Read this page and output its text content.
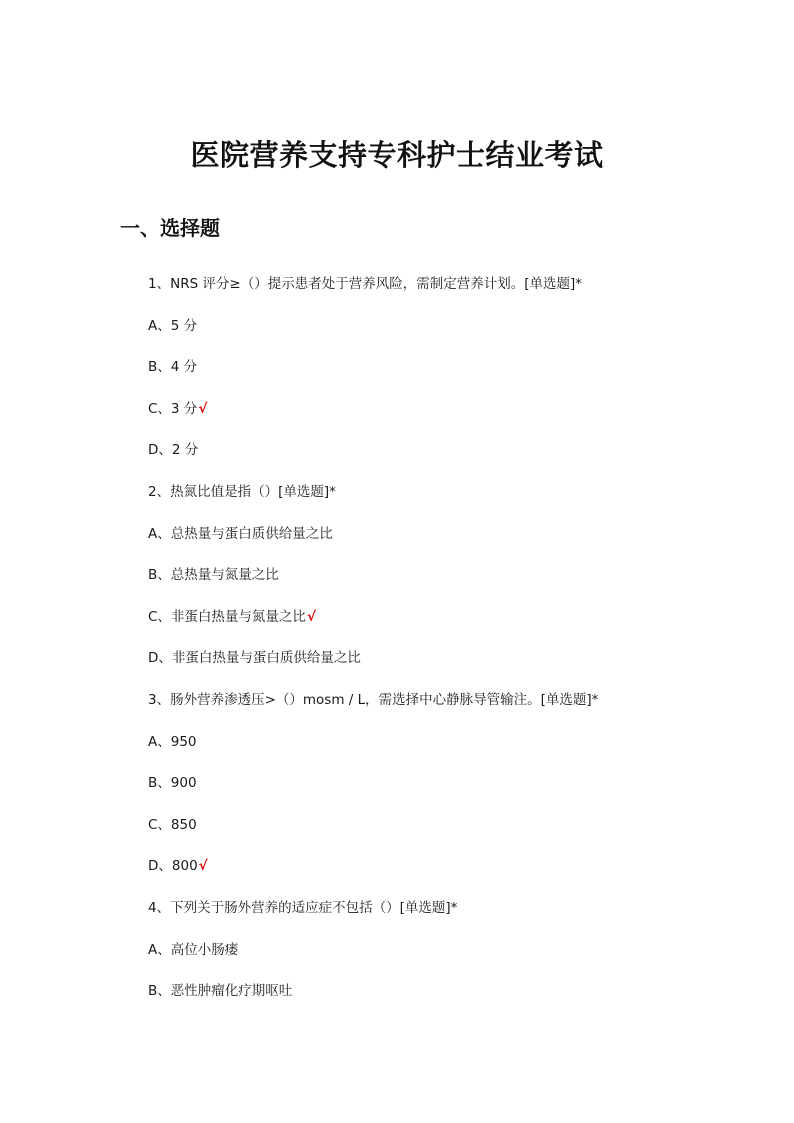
医院营养支持专科护士结业考试
一、选择题
1、NRS 评分≥（）提示患者处于营养风险，需制定营养计划。[单选题]*
A、5 分
B、4 分
C、3 分√
D、2 分
2、热氮比值是指（）[单选题]*
A、总热量与蛋白质供给量之比
B、总热量与氮量之比
C、非蛋白热量与氮量之比√
D、非蛋白热量与蛋白质供给量之比
3、肠外营养渗透压>（）mosm / L，需选择中心静脉导管输注。[单选题]*
A、950
B、900
C、850
D、800√
4、下列关于肠外营养的适应症不包括（）[单选题]*
A、高位小肠瘘
B、恶性肿瘤化疗期呕吐
